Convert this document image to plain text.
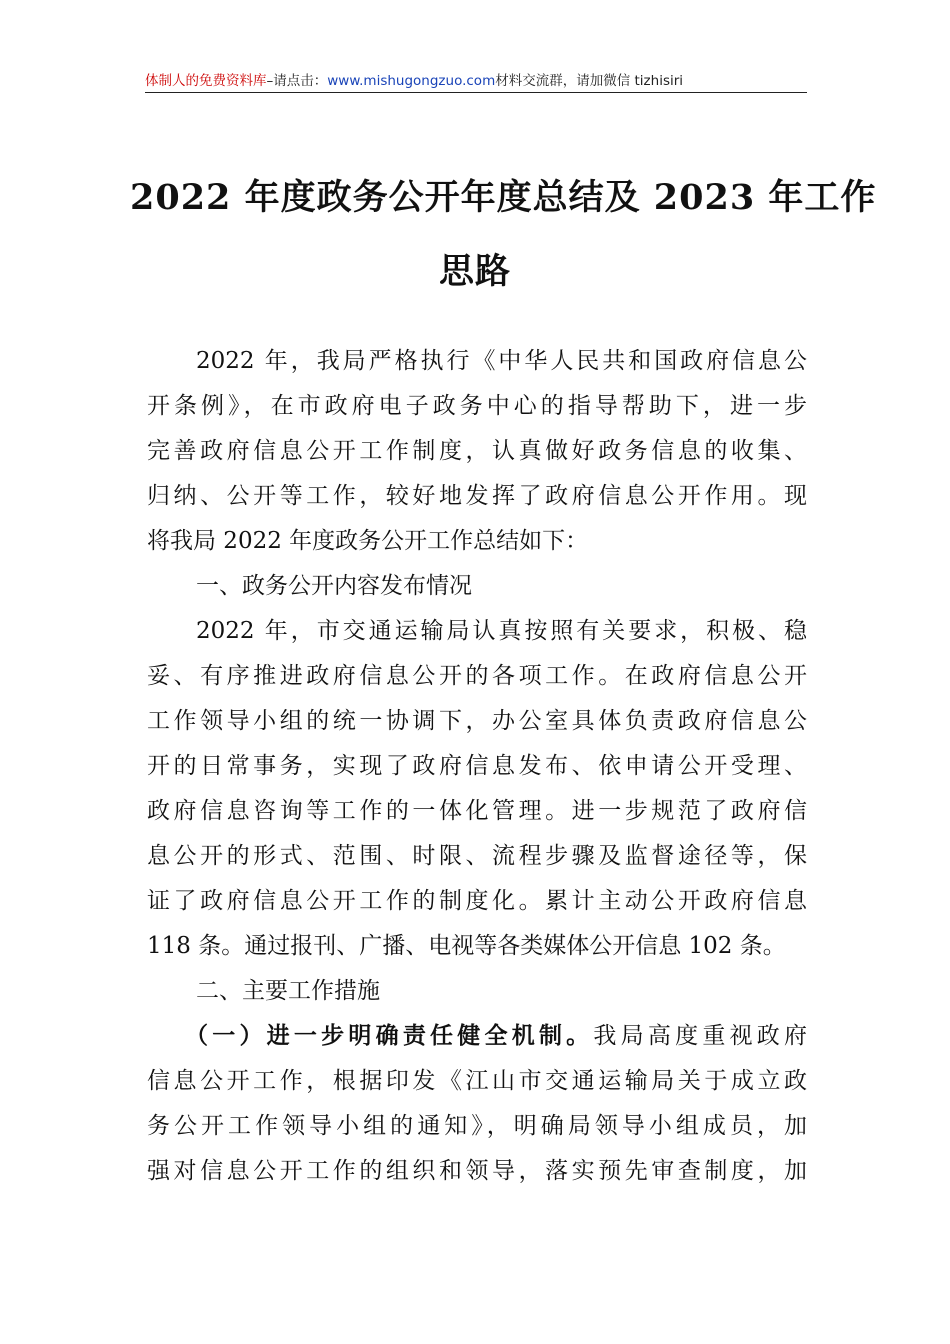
体制人的免费资料库–请点击：www.mishugongzuo.com材料交流群，请加微信 tizhisiri
2022 年度政务公开年度总结及 2023 年工作
思路
2022 年，我局严格执行《中华人民共和国政府信息公
开条例》，在市政府电子政务中心的指导帮助下，进一步
完善政府信息公开工作制度，认真做好政务信息的收集、
归纳、公开等工作，较好地发挥了政府信息公开作用。现
将我局 2022 年度政务公开工作总结如下：
一、政务公开内容发布情况
2022 年，市交通运输局认真按照有关要求，积极、稳
妥、有序推进政府信息公开的各项工作。在政府信息公开
工作领导小组的统一协调下，办公室具体负责政府信息公
开的日常事务，实现了政府信息发布、依申请公开受理、
政府信息咨询等工作的一体化管理。进一步规范了政府信
息公开的形式、范围、时限、流程步骤及监督途径等，保
证了政府信息公开工作的制度化。累计主动公开政府信息
118 条。通过报刊、广播、电视等各类媒体公开信息 102 条。
二、主要工作措施
（一）进一步明确责任健全机制。我局高度重视政府
信息公开工作，根据印发《江山市交通运输局关于成立政
务公开工作领导小组的通知》，明确局领导小组成员，加
强对信息公开工作的组织和领导，落实预先审查制度，加
